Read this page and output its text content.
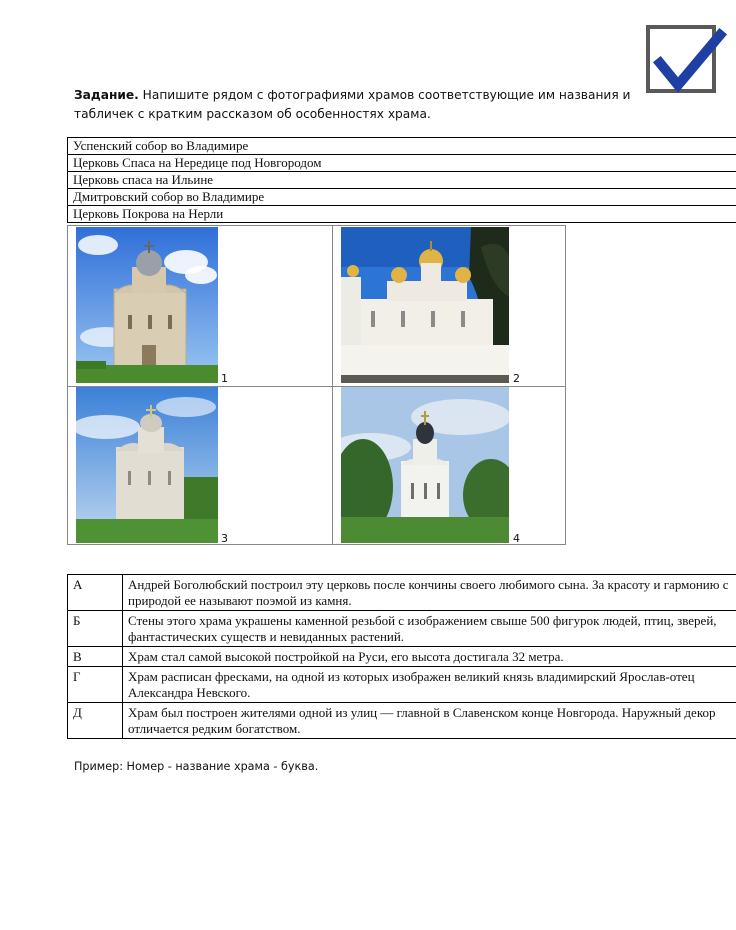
Задание. Напишите рядом с фотографиями храмов соответствующие им названия и табличек с кратким рассказом об особенностях храма.
Успенский собор во Владимире
Церковь Спаса на Нередице под Новгородом
Церковь спаса на Ильине
Дмитровский собор во Владимире
Церковь Покрова на Нерли
1	2
3	4
А	Андрей Боголюбский построил эту церковь после кончины своего любимого сына. За красоту и гармонию с природой ее называют поэмой из камня.
Б	Стены этого храма украшены каменной резьбой с изображением свыше 500 фигурок людей, птиц, зверей, фантастических существ и невиданных растений.
В	Храм стал самой высокой постройкой на Руси, его высота достигала 32 метра.
Г	Храм расписан фресками, на одной из которых изображен великий князь владимирский Ярослав-отец Александра Невского.
Д	Храм был построен жителями одной из улиц — главной в Славенском конце Новгорода. Наружный декор отличается редким богатством.
Пример: Номер - название храма - буква.
